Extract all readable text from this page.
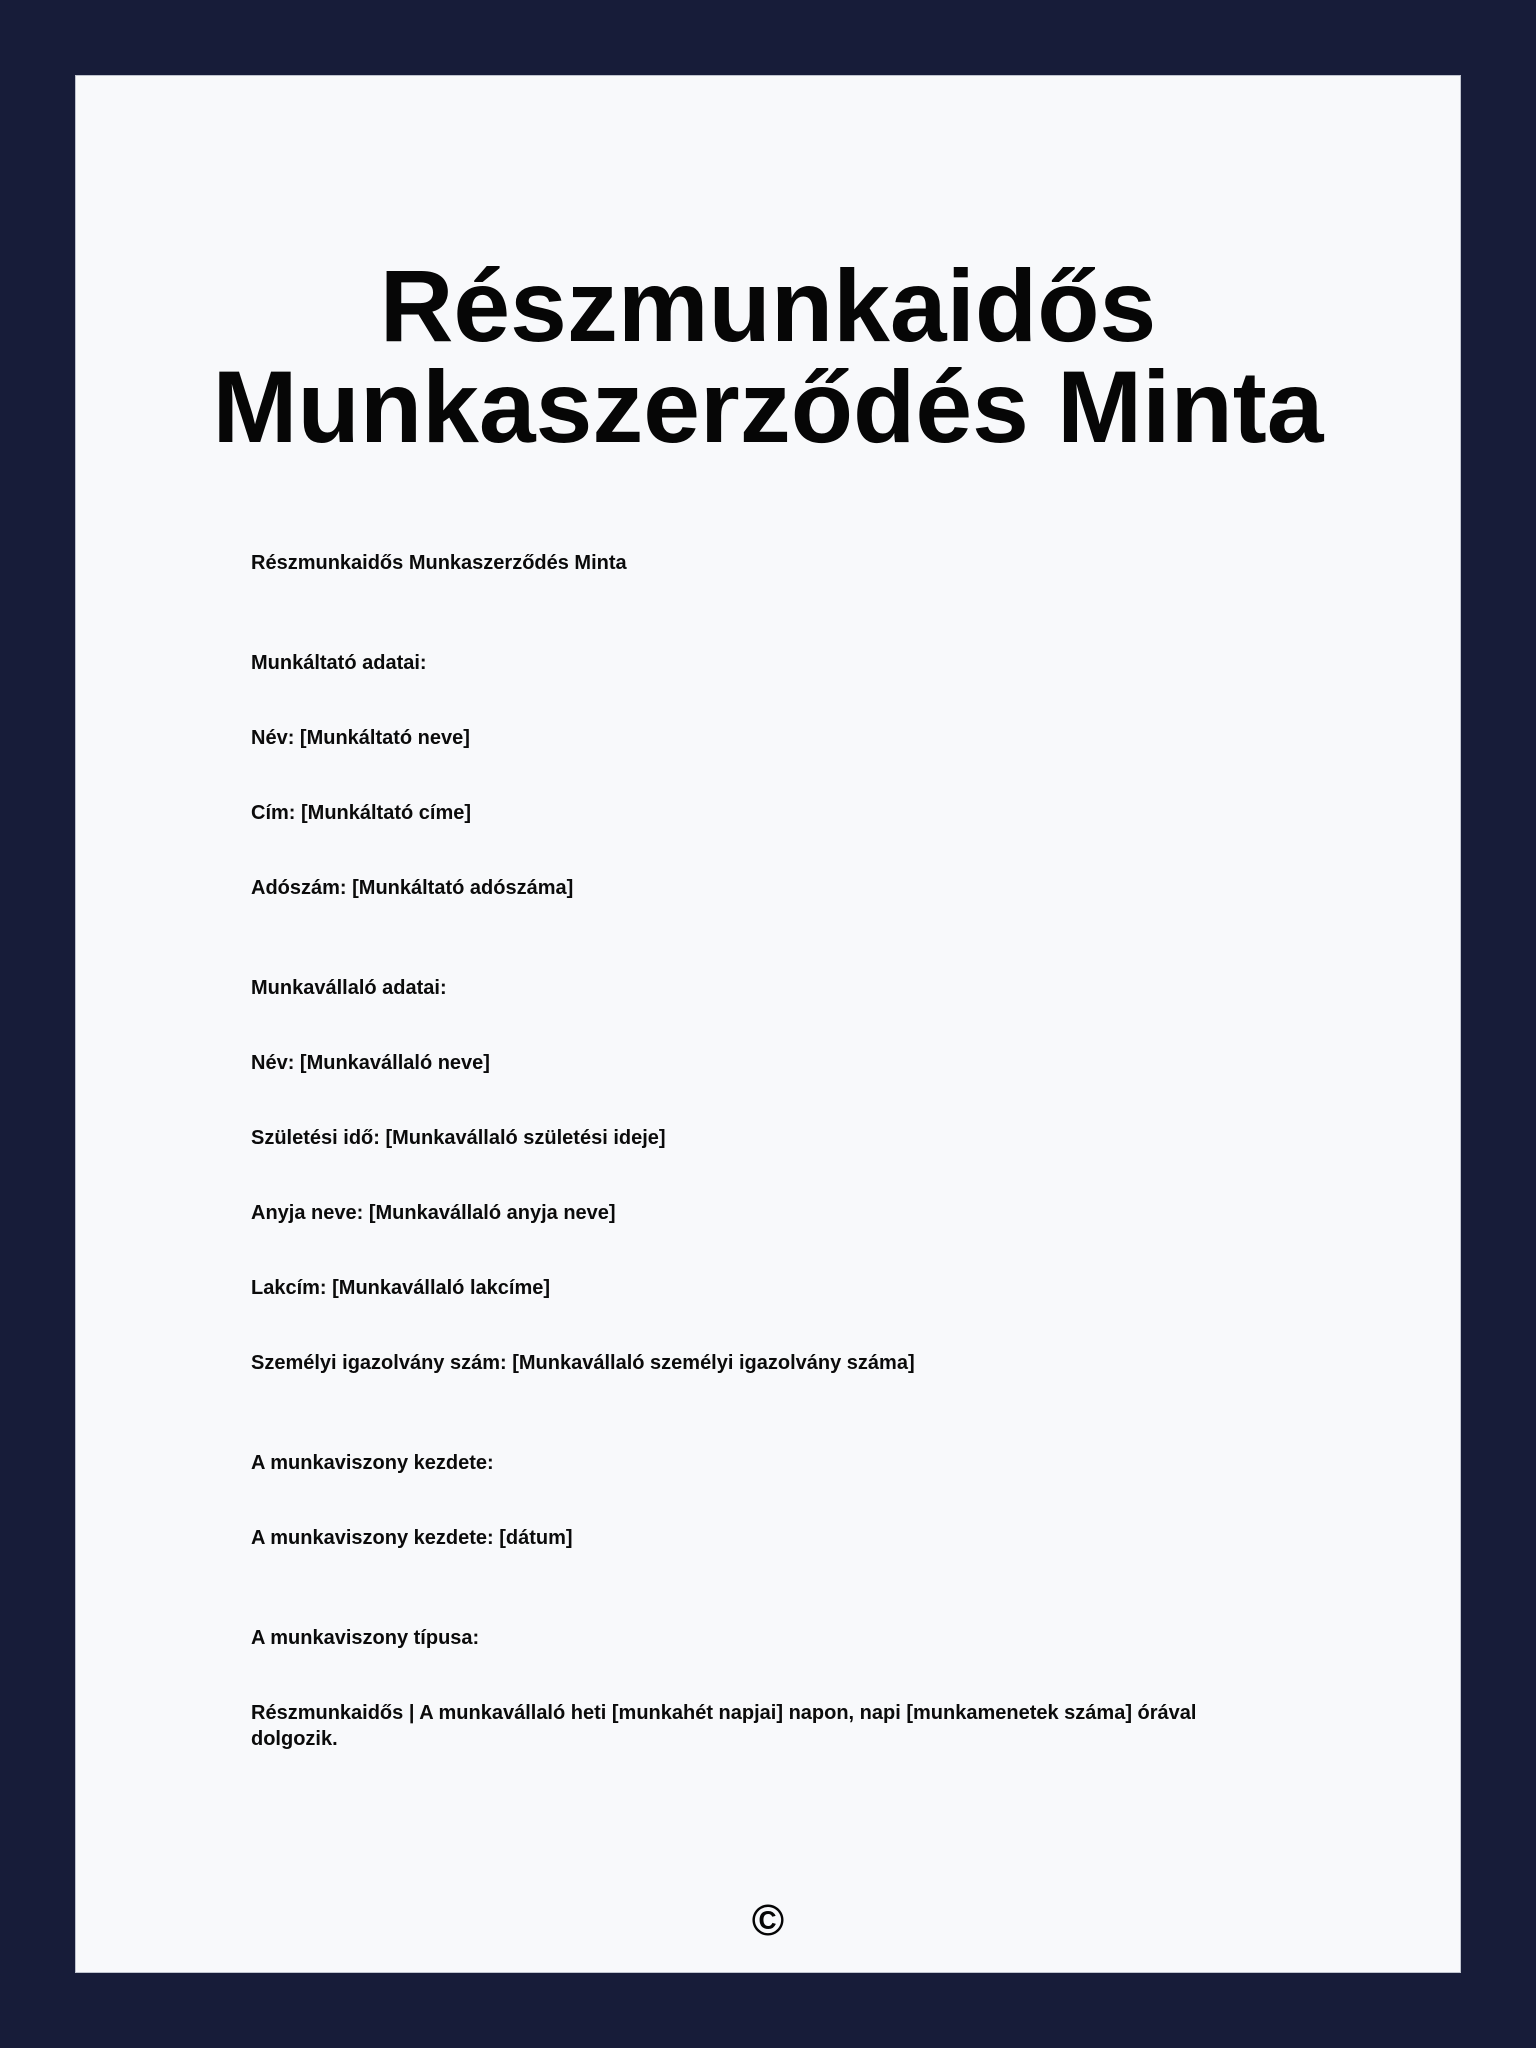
Részmunkaidős
Munkaszerződés Minta
Részmunkaidős Munkaszerződés Minta
Munkáltató adatai:
Név: [Munkáltató neve]
Cím: [Munkáltató címe]
Adószám: [Munkáltató adószáma]
Munkavállaló adatai:
Név: [Munkavállaló neve]
Születési idő: [Munkavállaló születési ideje]
Anyja neve: [Munkavállaló anyja neve]
Lakcím: [Munkavállaló lakcíme]
Személyi igazolvány szám: [Munkavállaló személyi igazolvány száma]
A munkaviszony kezdete:
A munkaviszony kezdete: [dátum]
A munkaviszony típusa:
Részmunkaidős | A munkavállaló heti [munkahét napjai] napon, napi [munkamenetek száma] órával dolgozik.
©
